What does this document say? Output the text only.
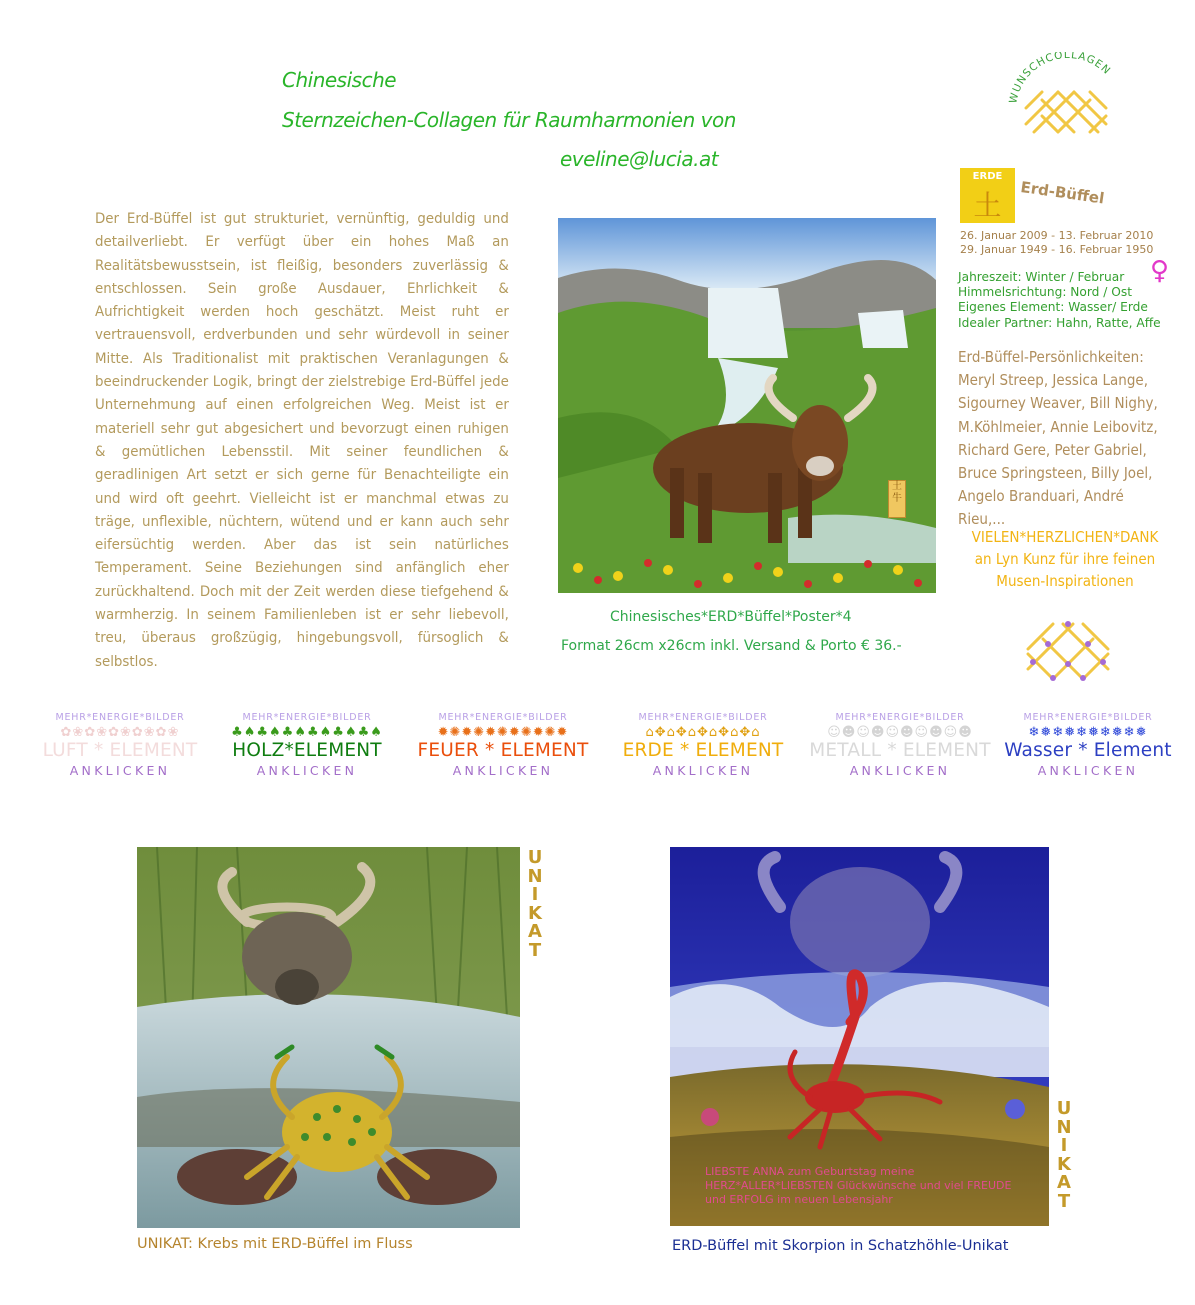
Chinesische
Sternzeichen-Collagen für Raumharmonien von
eveline@lucia.at
WUNSCHCOLLAGEN

Der Erd-Büffel ist gut strukturiet, vernünftig, geduldig und detailverliebt. Er verfügt über ein hohes Maß an Realitätsbewusstsein, ist fleißig, besonders zuverlässig & entschlossen. Sein große Ausdauer, Ehrlichkeit & Aufrichtigkeit werden hoch geschätzt. Meist ruht er vertrauensvoll, erdverbunden und sehr würdevoll in seiner Mitte. Als Traditionalist mit praktischen Veranlagungen & beeindruckender Logik, bringt der zielstrebige Erd-Büffel jede Unternehmung auf einen erfolgreichen Weg. Meist ist er materiell sehr gut abgesichert und bevorzugt einen ruhigen & gemütlichen Lebensstil. Mit seiner feundlichen & geradlinigen Art setzt er sich gerne für Benachteiligte ein und wird oft geehrt. Vielleicht ist er manchmal etwas zu träge, unflexible, nüchtern, wütend und er kann auch sehr eifersüchtig werden. Aber das ist sein natürliches Temperament. Seine Beziehungen sind anfänglich eher zurückhaltend. Doch mit der Zeit werden diese tiefgehend & warmherzig. In seinem Familienleben ist er sehr liebevoll, treu, überaus großzügig, hingebungsvoll, fürsoglich & selbstlos.

土
牛
Chinesisches*ERD*Büffel*Poster*4
Format 26cm x26cm inkl. Versand & Porto € 36.-
ERDE
土	Erd-Büffel
26. Januar 2009 - 13. Februar 2010
29. Januar 1949 - 16. Februar 1950
Jahreszeit: Winter / Februar
Himmelsrichtung: Nord / Ost
Eigenes Element: Wasser/ Erde
Idealer Partner: Hahn, Ratte, Affe
♀
Erd-Büffel-Persönlichkeiten:
Meryl Streep, Jessica Lange,
Sigourney Weaver, Bill Nighy,
M.Köhlmeier, Annie Leibovitz,
Richard Gere, Peter Gabriel,
Bruce Springsteen, Billy Joel,
Angelo Branduari, André Rieu,...
VIELEN*HERZLICHEN*DANK
an Lyn Kunz für ihre feinen
Musen-Inspirationen
MEHR*ENERGIE*BILDER
✿❀✿❀✿❀✿❀✿❀
LUFT * ELEMENT
ANKLICKEN
MEHR*ENERGIE*BILDER
♣♠♣♠♣♠♣♠♣♠♣♠
HOLZ*ELEMENT
ANKLICKEN
MEHR*ENERGIE*BILDER
✹✺✹✺✹✺✹✺✹✺✹
FEUER * ELEMENT
ANKLICKEN
MEHR*ENERGIE*BILDER
⌂✥⌂✥⌂✥⌂✥⌂✥⌂
ERDE * ELEMENT
ANKLICKEN
MEHR*ENERGIE*BILDER
☺☻☺☻☺☻☺☻☺☻
METALL * ELEMENT
ANKLICKEN
MEHR*ENERGIE*BILDER
❄❅❄❅❄❅❄❅❄❅
Wasser * Element
ANKLICKEN
UNIKAT
UNIKAT: Krebs mit ERD-Büffel im Fluss
LIEBSTE ANNA zum Geburtstag meine HERZ*ALLER*LIEBSTEN Glückwünsche und viel FREUDE und ERFOLG im neuen Lebensjahr
UNIKAT
ERD-Büffel mit Skorpion in Schatzhöhle-Unikat
